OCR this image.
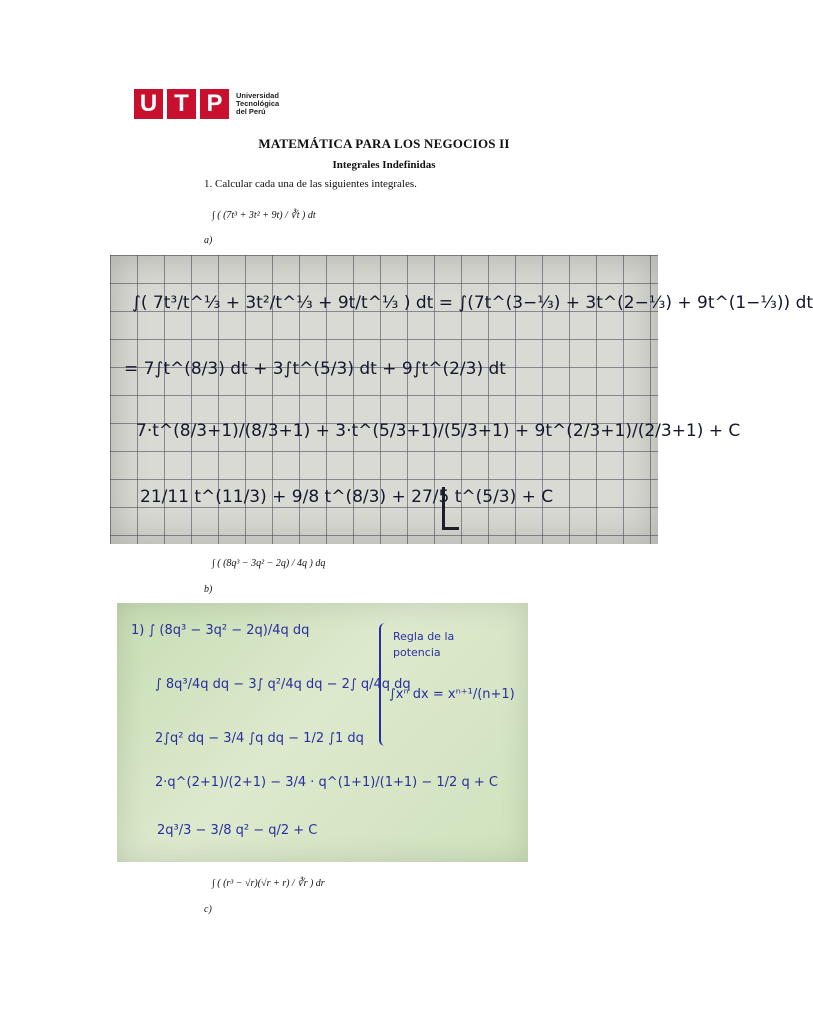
U T P	Universidad
Tecnológica
del Perú
MATEMÁTICA PARA LOS NEGOCIOS II
Integrales Indefinidas
1. Calcular cada una de las siguientes integrales.
∫ ( (7t³ + 3t² + 9t) / ∛t ) dt
a)
∫( 7t³/t^⅓ + 3t²/t^⅓ + 9t/t^⅓ ) dt = ∫(7t^(3−⅓) + 3t^(2−⅓) + 9t^(1−⅓)) dt
= 7∫t^(8/3) dt + 3∫t^(5/3) dt + 9∫t^(2/3) dt
7·t^(8/3+1)/(8/3+1) + 3·t^(5/3+1)/(5/3+1) + 9t^(2/3+1)/(2/3+1) + C
21/11 t^(11/3) + 9/8 t^(8/3) + 27/5 t^(5/3) + C
∫ ( (8q³ − 3q² − 2q) / 4q ) dq
b)
1) ∫ (8q³ − 3q² − 2q)/4q dq
∫ 8q³/4q dq − 3∫ q²/4q dq − 2∫ q/4q dq
2∫q² dq − 3/4 ∫q dq − 1/2 ∫1 dq
2·q^(2+1)/(2+1) − 3/4 · q^(1+1)/(1+1) − 1/2 q + C
2q³/3 − 3/8 q² − q/2 + C
Regla de la potencia
∫xⁿ dx = xⁿ⁺¹/(n+1)
∫ ( (r³ − √r)(√r + r) / ∛r ) dr
c)
